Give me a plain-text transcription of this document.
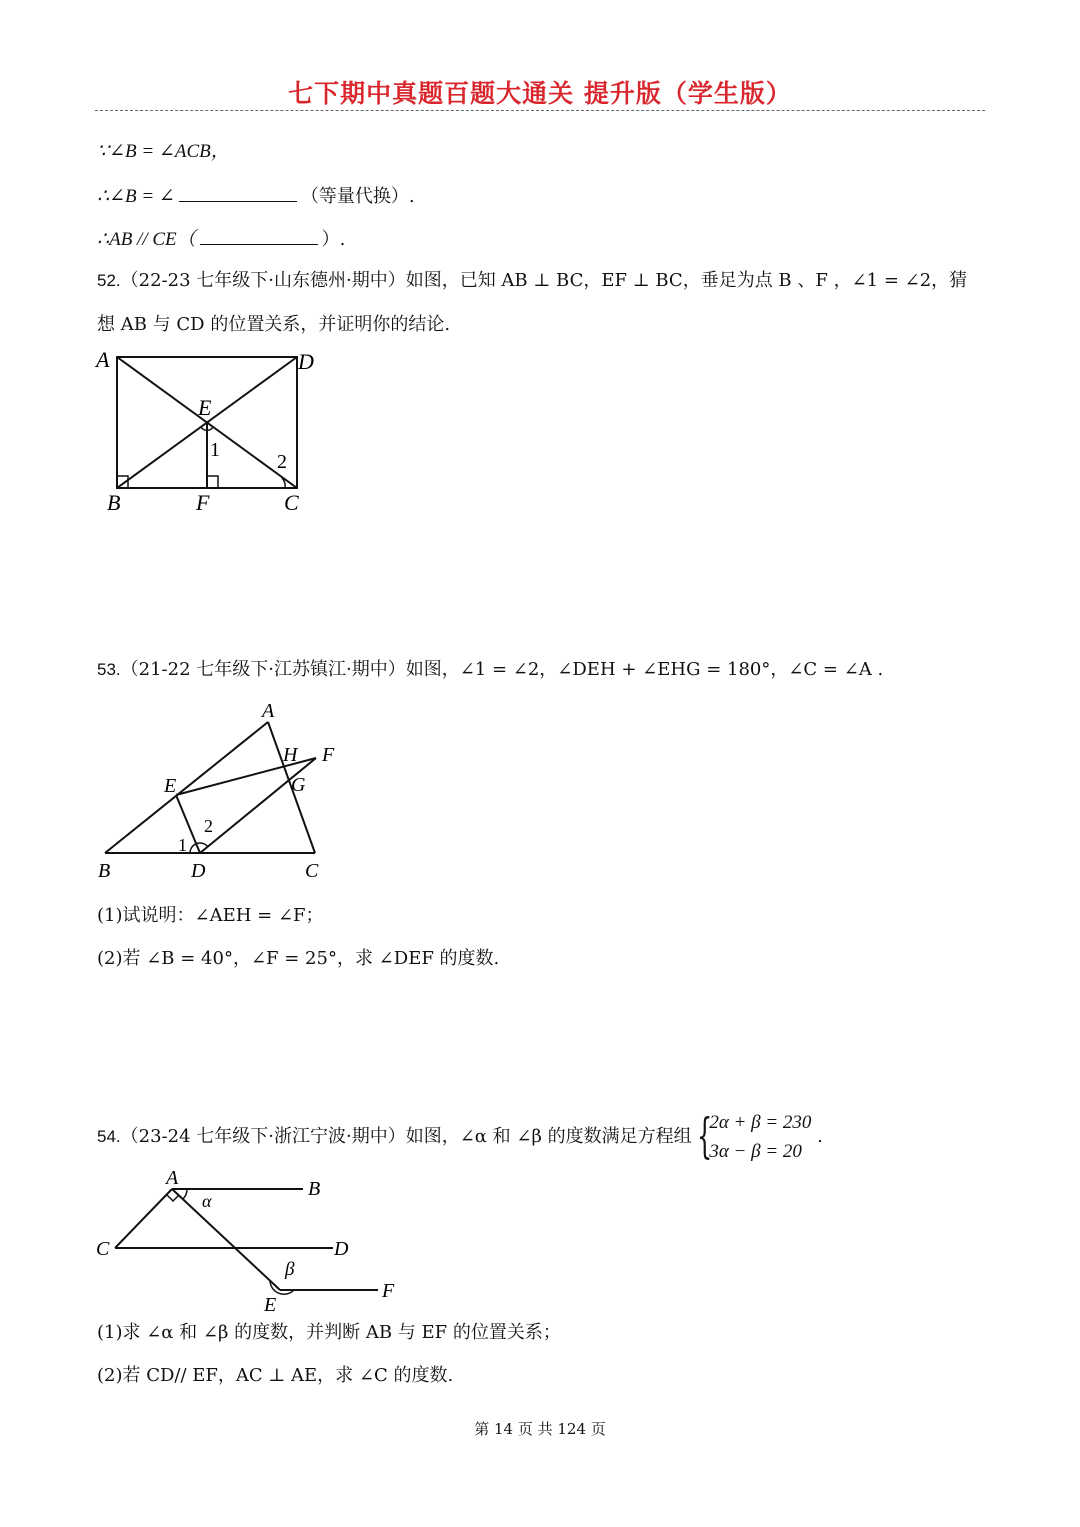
七下期中真题百题大通关 提升版（学生版）
∵∠B = ∠ACB，
∴∠B = ∠	（等量代换）.
∴AB // CE（	）.
52.（22-23 七年级下·山东德州·期中）如图，已知 AB ⊥ BC，EF ⊥ BC，垂足为点 B 、F ，∠1 = ∠2，猜
想 AB 与 CD 的位置关系，并证明你的结论.
A	D
E
1
2
B	F	C
53.（21-22 七年级下·江苏镇江·期中）如图，∠1 = ∠2，∠DEH + ∠EHG = 180°，∠C = ∠A .
A
H F
E	G
1
2
B	D	C
(1)试说明：∠AEH = ∠F；
(2)若 ∠B = 40°，∠F = 25°，求 ∠DEF 的度数.
54.（23-24 七年级下·浙江宁波·期中）如图，∠α 和 ∠β 的度数满足方程组 {
2α + β = 230
3α − β = 20
.
A	B
α
C	D
β
E
F
(1)求 ∠α 和 ∠β 的度数，并判断 AB 与 EF 的位置关系；
(2)若 CD// EF，AC ⊥ AE，求 ∠C 的度数.
第 14 页 共 124 页
